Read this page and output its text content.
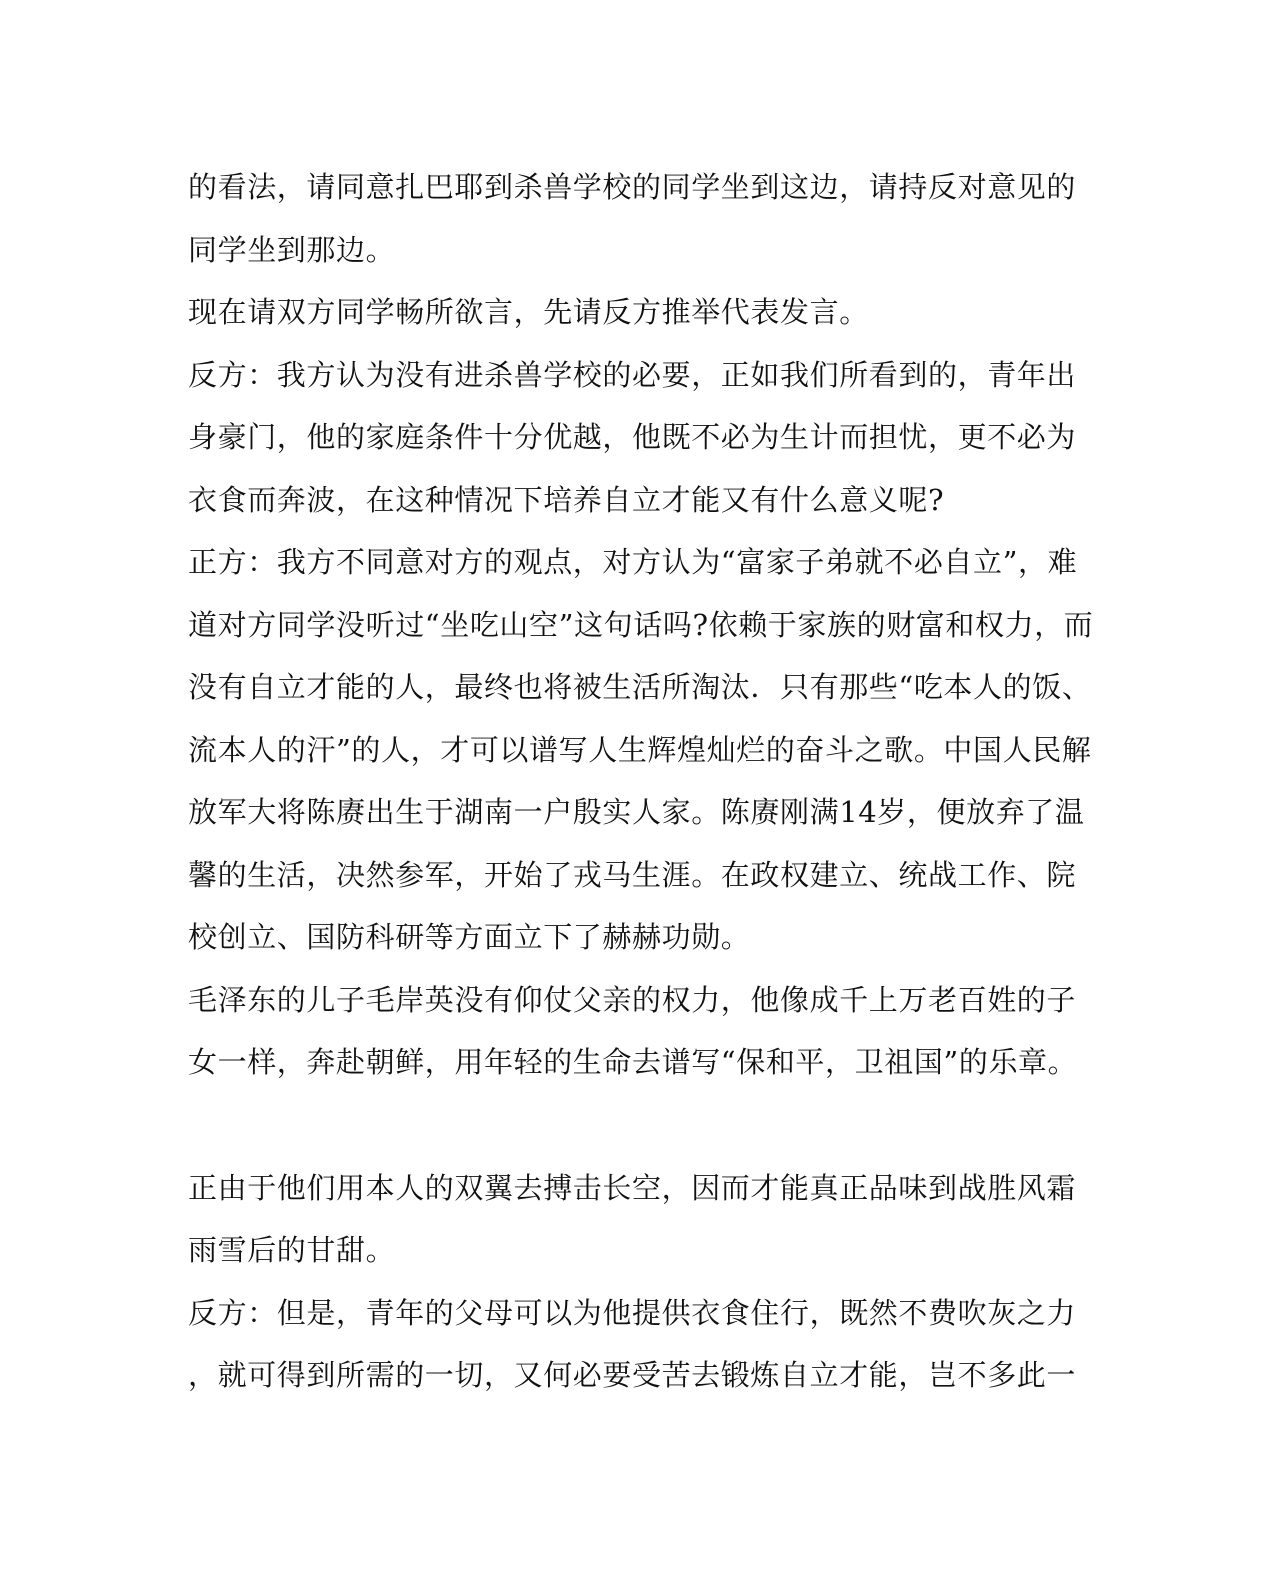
的看法，请同意扎巴耶到杀兽学校的同学坐到这边，请持反对意见的
同学坐到那边。
现在请双方同学畅所欲言，先请反方推举代表发言。
反方：我方认为没有进杀兽学校的必要，正如我们所看到的，青年出
身豪门，他的家庭条件十分优越，他既不必为生计而担忧，更不必为
衣食而奔波，在这种情况下培养自立才能又有什么意义呢?
正方：我方不同意对方的观点，对方认为“富家子弟就不必自立”，难
道对方同学没听过“坐吃山空”这句话吗?依赖于家族的财富和权力，而
没有自立才能的人，最终也将被生活所淘汰．只有那些“吃本人的饭、
流本人的汗”的人，才可以谱写人生辉煌灿烂的奋斗之歌。中国人民解
放军大将陈赓出生于湖南一户殷实人家。陈赓刚满14岁，便放弃了温
馨的生活，决然参军，开始了戎马生涯。在政权建立、统战工作、院
校创立、国防科研等方面立下了赫赫功勋。
毛泽东的儿子毛岸英没有仰仗父亲的权力，他像成千上万老百姓的子
女一样，奔赴朝鲜，用年轻的生命去谱写“保和平，卫祖国”的乐章。
正由于他们用本人的双翼去搏击长空，因而才能真正品味到战胜风霜
雨雪后的甘甜。
反方：但是，青年的父母可以为他提供衣食住行，既然不费吹灰之力
，就可得到所需的一切，又何必要受苦去锻炼自立才能，岂不多此一
